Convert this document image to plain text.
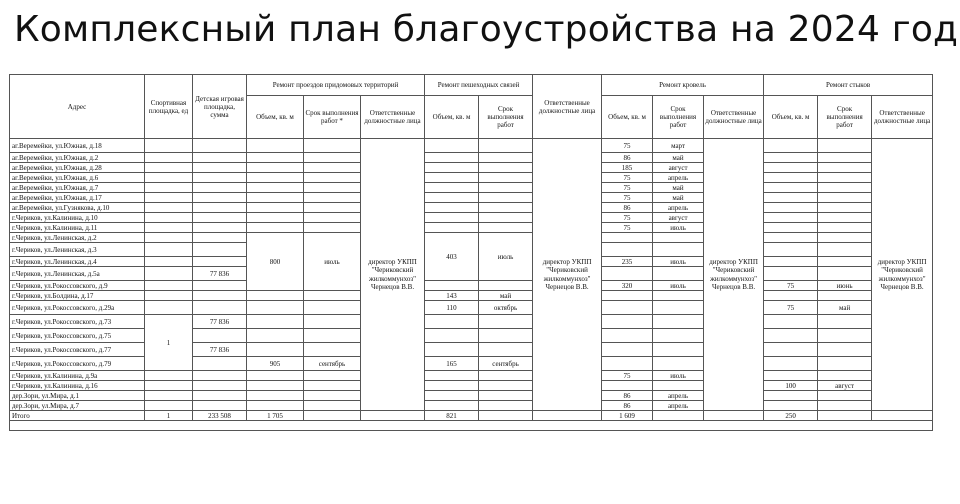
Комплексный план благоустройства на 2024 год
Адрес	Спортивная площадка, ед	Детская игровая площадка, сумма	Ремонт проездов придомовых территорий			Ремонт пешеходных связей		Ответственные должностные лица	Ремонт кровель			Ремонт стыков		
			Объем, кв. м	Срок выполнения работ *	Ответственные должностные лица	Объем, кв. м	Срок выполнения работ		Объем, кв. м	Срок выполнения работ	Ответственные должностные лица	Объем, кв. м	Срок выполнения работ	Ответственные должностные лица
аг.Веремейки, ул.Южная, д.18					директор УКПП "Чериковский жилкоммунхоз" Чернецов В.В.			директор УКПП "Чериковский жилкоммунхоз" Чернецов В.В.	75	март	директор УКПП "Чериковский жилкоммунхоз" Чернецов В.В.			директор УКПП "Чериковский жилкоммунхоз" Чернецов В.В.
аг.Веремейки, ул.Южная, д.2									86	май				
аг.Веремейки, ул.Южная, д.28									185	август				
аг.Веремейки, ул.Южная, д.6									75	апрель				
аг.Веремейки, ул.Южная, д.7									75	май				
аг.Веремейки, ул.Южная, д.17									75	май				
аг.Веремейки, ул.Гузнякова, д.10									86	апрель				
г.Чериков, ул.Калинина, д.10									75	август				
г.Чериков, ул.Калинина, д.11									75	июль				
г.Чериков, ул.Ленинская, д.2			800	июль		403	июль							
г.Чериков, ул.Ленинская, д.3														
г.Чериков, ул.Ленинская, д.4									235	июль				
г.Чериков, ул.Ленинская, д.5а		77 836												
г.Чериков, ул.Рокоссовского, д.9									320	июль		75	июнь	
г.Чериков, ул.Болдина, д.17						143	май							
г.Чериков, ул.Рокоссовского, д.29а						110	октябрь					75	май	
г.Чериков, ул.Рокоссовского, д.73	1	77 836												
г.Чериков, ул.Рокоссовского, д.75														
г.Чериков, ул.Рокоссовского, д.77		77 836												
г.Чериков, ул.Рокоссовского, д.79			905	сентябрь		165	сентябрь							
г.Чериков, ул.Калинина, д.9а									75	июль				
г.Чериков, ул.Калинина, д.16												100	август	
дер.Зори, ул.Мира, д.1									86	апрель				
дер.Зори, ул.Мира, д.7									86	апрель				
Итого	1	233 508	1 705			821			1 609			250		
